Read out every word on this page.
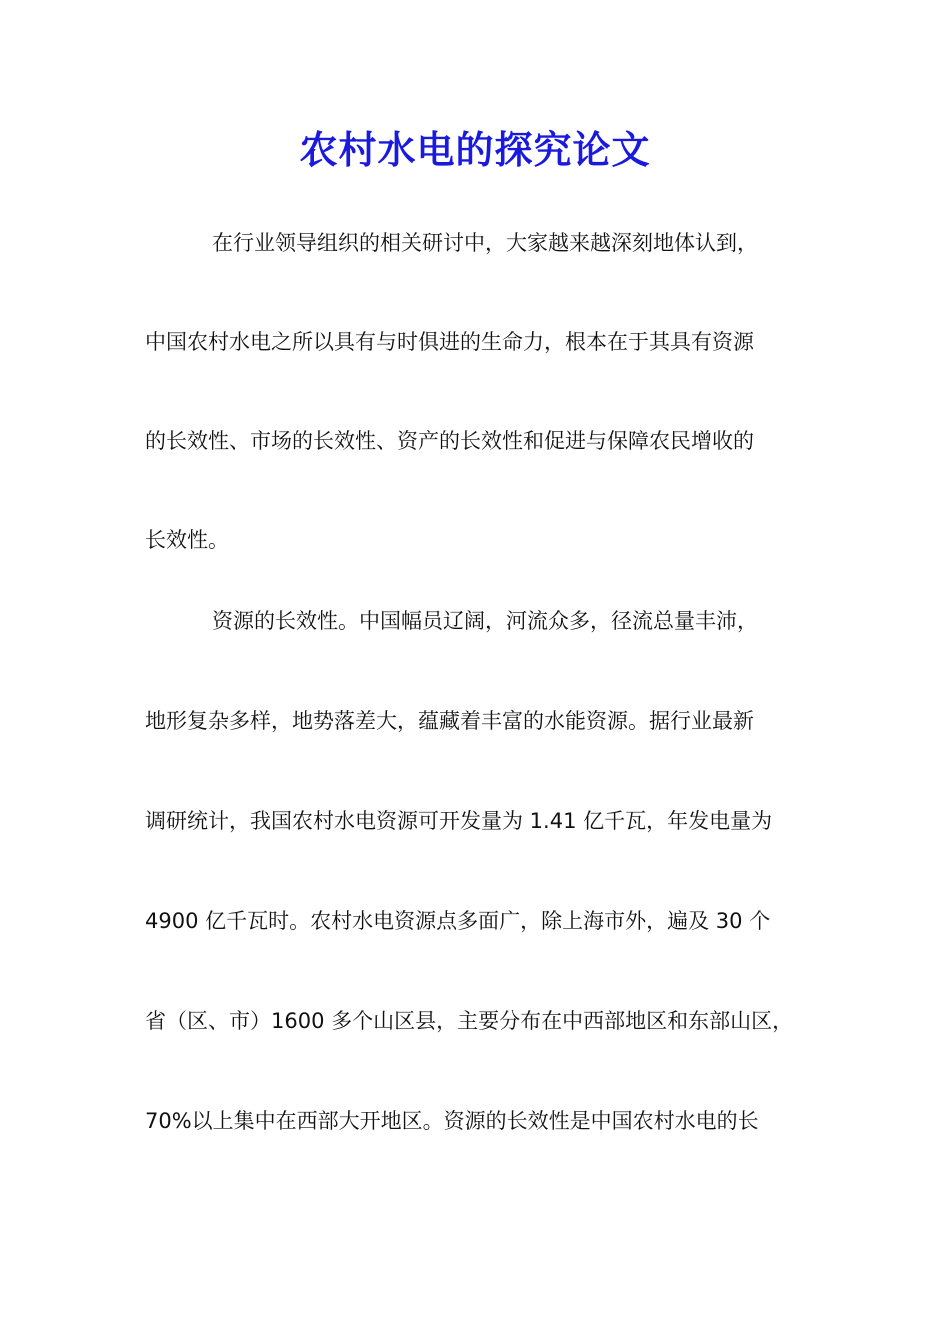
农村水电的探究论文
在行业领导组织的相关研讨中，大家越来越深刻地体认到，
中国农村水电之所以具有与时俱进的生命力，根本在于其具有资源
的长效性、市场的长效性、资产的长效性和促进与保障农民增收的
长效性。
资源的长效性。中国幅员辽阔，河流众多，径流总量丰沛，
地形复杂多样，地势落差大，蕴藏着丰富的水能资源。据行业最新
调研统计，我国农村水电资源可开发量为 1.41 亿千瓦，年发电量为
4900 亿千瓦时。农村水电资源点多面广，除上海市外，遍及 30 个
省（区、市）1600 多个山区县，主要分布在中西部地区和东部山区，
70%以上集中在西部大开地区。资源的长效性是中国农村水电的长
